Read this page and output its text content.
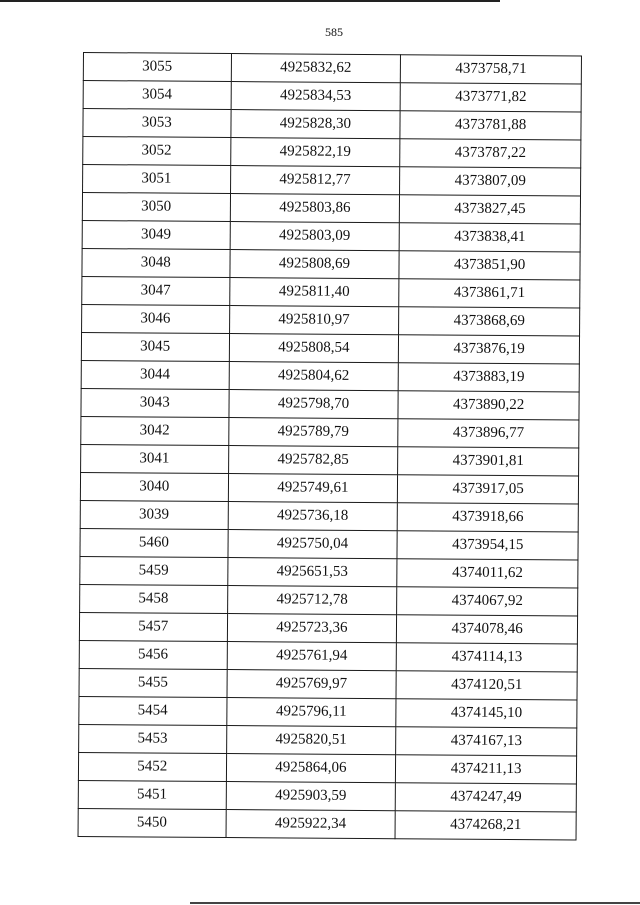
585
3055	4925832,62	4373758,71
3054	4925834,53	4373771,82
3053	4925828,30	4373781,88
3052	4925822,19	4373787,22
3051	4925812,77	4373807,09
3050	4925803,86	4373827,45
3049	4925803,09	4373838,41
3048	4925808,69	4373851,90
3047	4925811,40	4373861,71
3046	4925810,97	4373868,69
3045	4925808,54	4373876,19
3044	4925804,62	4373883,19
3043	4925798,70	4373890,22
3042	4925789,79	4373896,77
3041	4925782,85	4373901,81
3040	4925749,61	4373917,05
3039	4925736,18	4373918,66
5460	4925750,04	4373954,15
5459	4925651,53	4374011,62
5458	4925712,78	4374067,92
5457	4925723,36	4374078,46
5456	4925761,94	4374114,13
5455	4925769,97	4374120,51
5454	4925796,11	4374145,10
5453	4925820,51	4374167,13
5452	4925864,06	4374211,13
5451	4925903,59	4374247,49
5450	4925922,34	4374268,21
